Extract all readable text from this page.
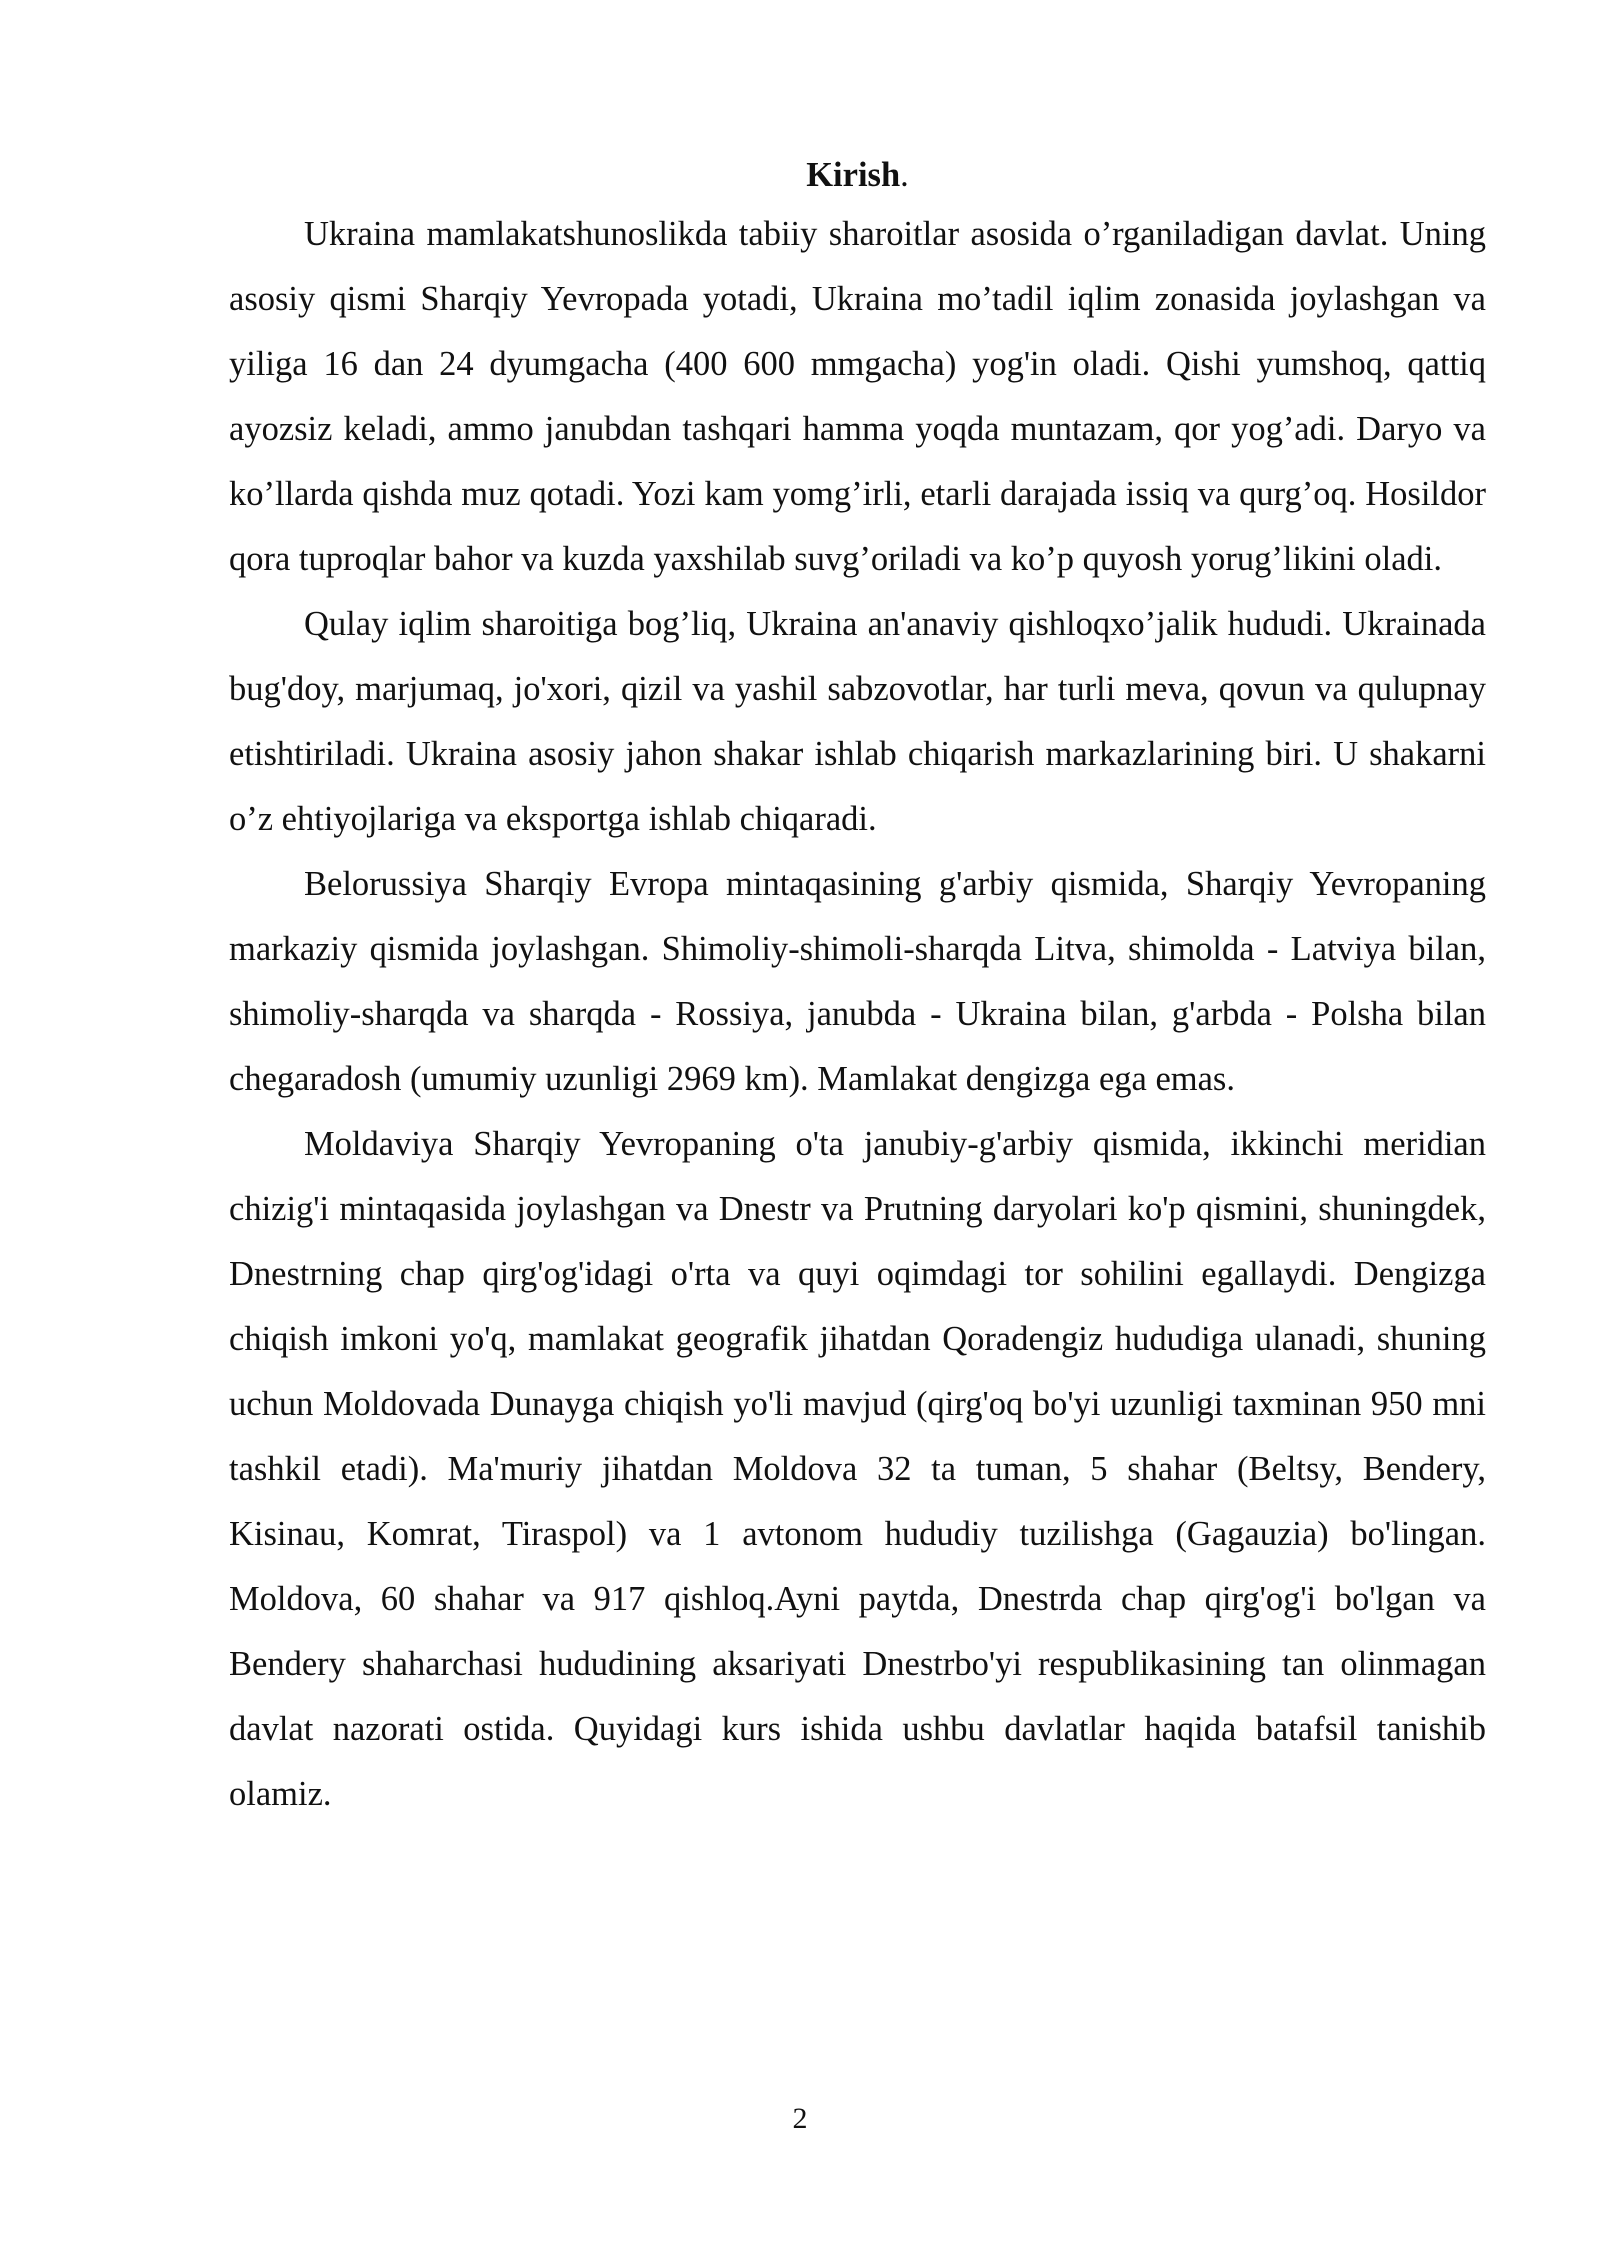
Kirish.

Ukraina mamlakatshunoslikda tabiiy sharoitlar asosida o’rganiladigan davlat. Uning asosiy qismi Sharqiy Yevropada yotadi, Ukraina mo’tadil iqlim zonasida joylashgan va yiliga 16 dan 24 dyumgacha (400 600 mmgacha) yog'in oladi. Qishi yumshoq, qattiq ayozsiz keladi, ammo janubdan tashqari hamma yoqda muntazam, qor yog’adi. Daryo va ko’llarda qishda muz qotadi. Yozi kam yomg’irli, etarli darajada issiq va qurg’oq. Hosildor qora tuproqlar bahor va kuzda yaxshilab suvg’oriladi va ko’p quyosh yorug’likini oladi.

Qulay iqlim sharoitiga bog’liq, Ukraina an'anaviy qishloqxo’jalik hududi. Ukrainada bug'doy, marjumaq, jo'xori, qizil va yashil sabzovotlar, har turli meva, qovun va qulupnay etishtiriladi. Ukraina asosiy jahon shakar ishlab chiqarish markazlarining biri. U shakarni o’z ehtiyojlariga va eksportga ishlab chiqaradi.

Belorussiya Sharqiy Evropa mintaqasining g'arbiy qismida, Sharqiy Yevropaning markaziy qismida joylashgan. Shimoliy-shimoli-sharqda Litva, shimolda - Latviya bilan, shimoliy-sharqda va sharqda - Rossiya, janubda - Ukraina bilan, g'arbda - Polsha bilan chegaradosh (umumiy uzunligi 2969 km). Mamlakat dengizga ega emas.

Moldaviya Sharqiy Yevropaning o'ta janubiy-g'arbiy qismida, ikkinchi meridian chizig'i mintaqasida joylashgan va Dnestr va Prutning daryolari ko'p qismini, shuningdek, Dnestrning chap qirg'og'idagi o'rta va quyi oqimdagi tor sohilini egallaydi. Dengizga chiqish imkoni yo'q, mamlakat geografik jihatdan Qoradengiz hududiga ulanadi, shuning uchun Moldovada Dunayga chiqish yo'li mavjud (qirg'oq bo'yi uzunligi taxminan 950 mni tashkil etadi). Ma'muriy jihatdan Moldova 32 ta tuman, 5 shahar (Beltsy, Bendery, Kisinau, Komrat, Tiraspol) va 1 avtonom hududiy tuzilishga (Gagauzia) bo'lingan. Moldova, 60 shahar va 917 qishloq.Ayni paytda, Dnestrda chap qirg'og'i bo'lgan va Bendery shaharchasi hududining aksariyati Dnestrbo'yi respublikasining tan olinmagan davlat nazorati ostida. Quyidagi kurs ishida ushbu davlatlar haqida batafsil tanishib olamiz.

2
